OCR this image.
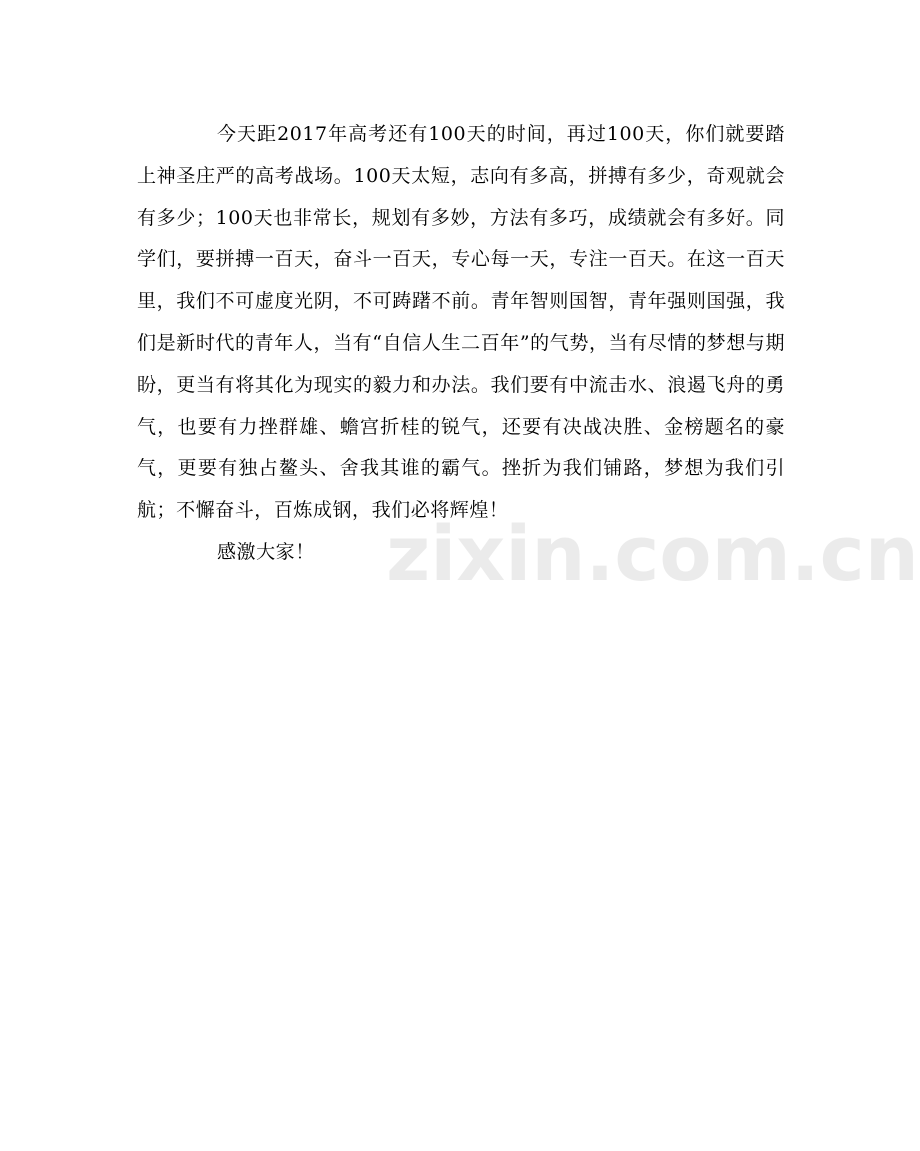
今天距2017年高考还有100天的时间，再过100天，你们就要踏上神圣庄严的高考战场。100天太短，志向有多高，拼搏有多少，奇观就会有多少；100天也非常长，规划有多妙，方法有多巧，成绩就会有多好。同学们，要拼搏一百天，奋斗一百天，专心每一天，专注一百天。在这一百天里，我们不可虚度光阴，不可踌躇不前。青年智则国智，青年强则国强，我们是新时代的青年人，当有“自信人生二百年”的气势，当有尽情的梦想与期盼，更当有将其化为现实的毅力和办法。我们要有中流击水、浪遏飞舟的勇气，也要有力挫群雄、蟾宫折桂的锐气，还要有决战决胜、金榜题名的豪气，更要有独占鳌头、舍我其谁的霸气。挫折为我们铺路，梦想为我们引航；不懈奋斗，百炼成钢，我们必将辉煌！

感激大家！ zixin.com.cn
